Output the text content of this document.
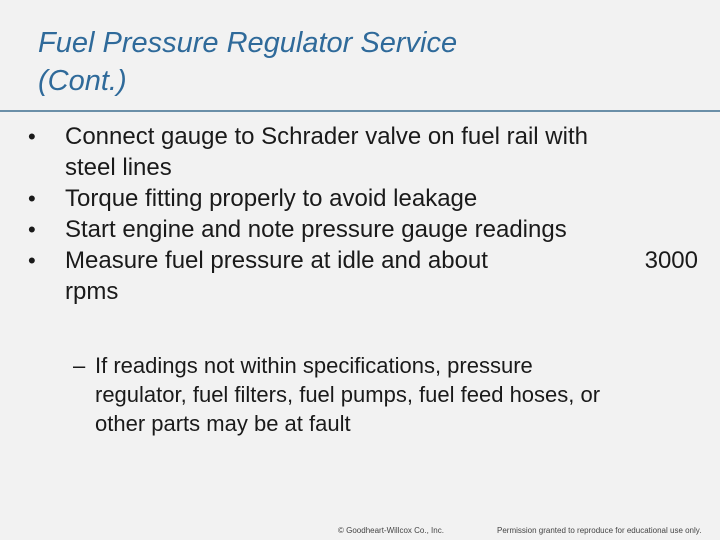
Fuel Pressure Regulator Service
(Cont.)
•	Connect gauge to Schrader valve on fuel rail with
steel lines
•	Torque fitting properly to avoid leakage
•	Start engine and note pressure gauge readings
•	Measure fuel pressure at idle and about	3000
rpms
– If readings not within specifications, pressure
regulator, fuel filters, fuel pumps, fuel feed hoses, or
other parts may be at fault
© Goodheart-Willcox Co., Inc.	Permission granted to reproduce for educational use only.
